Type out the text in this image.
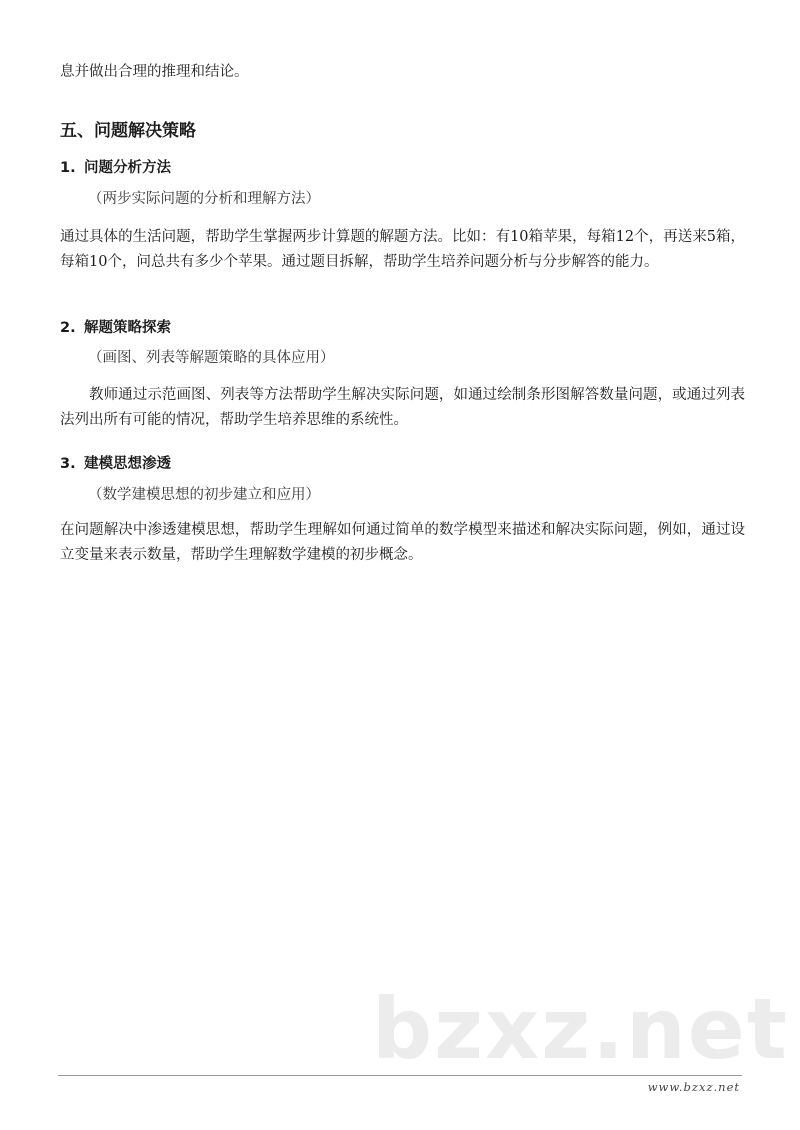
息并做出合理的推理和结论。
五、问题解决策略
1. 问题分析方法
（两步实际问题的分析和理解方法）
通过具体的生活问题，帮助学生掌握两步计算题的解题方法。比如：有10箱苹果，每箱12个，再送来5箱，每箱10个，问总共有多少个苹果。通过题目拆解，帮助学生培养问题分析与分步解答的能力。
2. 解题策略探索
（画图、列表等解题策略的具体应用）
教师通过示范画图、列表等方法帮助学生解决实际问题，如通过绘制条形图解答数量问题，或通过列表法列出所有可能的情况，帮助学生培养思维的系统性。
3. 建模思想渗透
（数学建模思想的初步建立和应用）
在问题解决中渗透建模思想，帮助学生理解如何通过简单的数学模型来描述和解决实际问题，例如，通过设立变量来表示数量，帮助学生理解数学建模的初步概念。
bzxz.net
www.bzxz.net
